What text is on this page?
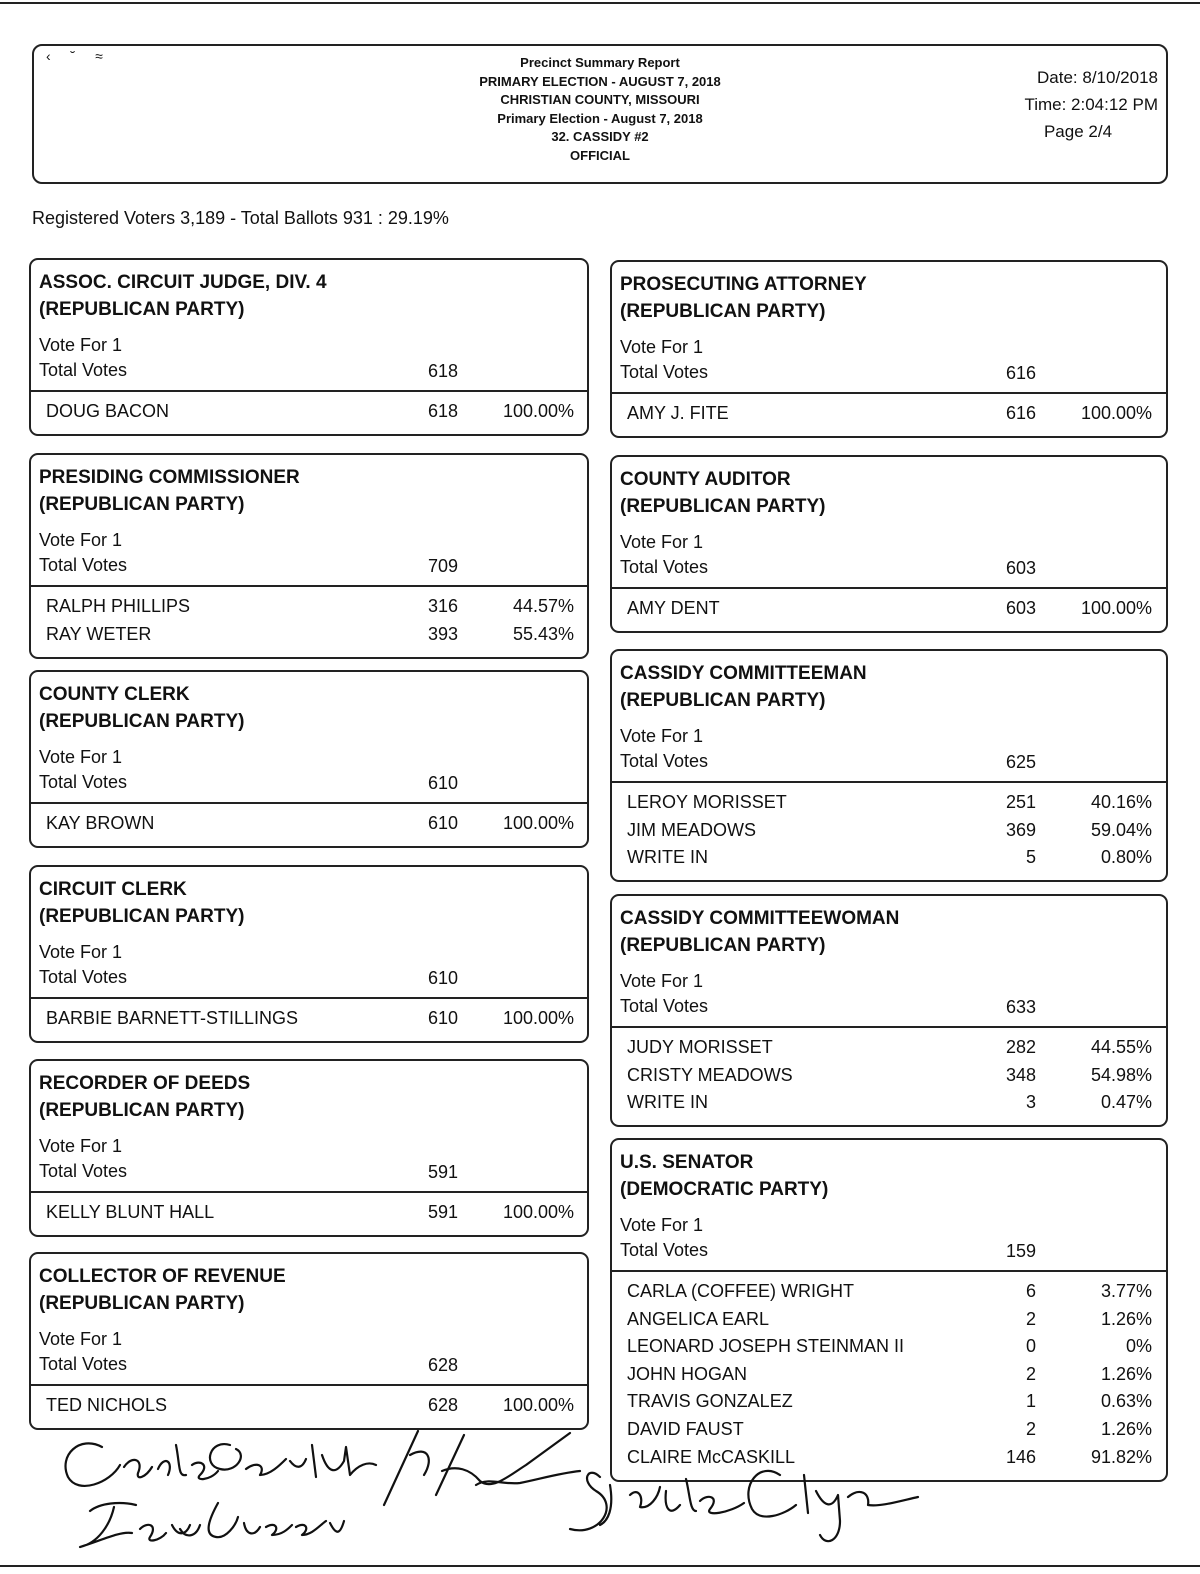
‹ ˘ ≈	Precinct Summary Report
PRIMARY ELECTION - AUGUST 7, 2018
CHRISTIAN COUNTY, MISSOURI
Primary Election - August 7, 2018
32. CASSIDY #2
OFFICIAL
Date: 8/10/2018
Time: 2:04:12 PM
Page 2/4
Registered Voters 3,189 - Total Ballots 931 : 29.19%
ASSOC. CIRCUIT JUDGE, DIV. 4
(REPUBLICAN PARTY)
Vote For 1
Total Votes	618
DOUG BACON	618	100.00%
PRESIDING COMMISSIONER
(REPUBLICAN PARTY)
Vote For 1
Total Votes	709
RALPH PHILLIPS	316	44.57%
RAY WETER	393	55.43%
COUNTY CLERK
(REPUBLICAN PARTY)
Vote For 1
Total Votes	610
KAY BROWN	610	100.00%
CIRCUIT CLERK
(REPUBLICAN PARTY)
Vote For 1
Total Votes	610
BARBIE BARNETT-STILLINGS	610	100.00%
RECORDER OF DEEDS
(REPUBLICAN PARTY)
Vote For 1
Total Votes	591
KELLY BLUNT HALL	591	100.00%
COLLECTOR OF REVENUE
(REPUBLICAN PARTY)
Vote For 1
Total Votes	628
TED NICHOLS	628	100.00%
PROSECUTING ATTORNEY
(REPUBLICAN PARTY)
Vote For 1
Total Votes	616
AMY J. FITE	616	100.00%
COUNTY AUDITOR
(REPUBLICAN PARTY)
Vote For 1
Total Votes	603
AMY DENT	603	100.00%
CASSIDY COMMITTEEMAN
(REPUBLICAN PARTY)
Vote For 1
Total Votes	625
LEROY MORISSET	251	40.16%
JIM MEADOWS	369	59.04%
WRITE IN	5	0.80%
CASSIDY COMMITTEEWOMAN
(REPUBLICAN PARTY)
Vote For 1
Total Votes	633
JUDY MORISSET	282	44.55%
CRISTY MEADOWS	348	54.98%
WRITE IN	3	0.47%
U.S. SENATOR
(DEMOCRATIC PARTY)
Vote For 1
Total Votes	159
CARLA (COFFEE) WRIGHT	6	3.77%
ANGELICA EARL	2	1.26%
LEONARD JOSEPH STEINMAN II	0	0%
JOHN HOGAN	2	1.26%
TRAVIS GONZALEZ	1	0.63%
DAVID FAUST	2	1.26%
CLAIRE McCASKILL	146	91.82%
